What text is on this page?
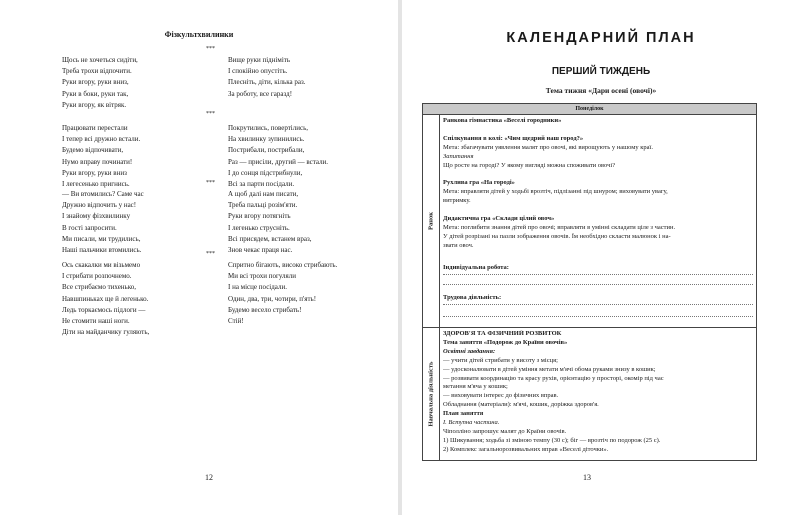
Фізкультхвилинки
***
Щось не хочеться сидіти,
Треба трохи відпочити.
Руки вгору, руки вниз,
Руки в боки, руки так,
Руки вгору, як вітряк.
Вище руки підніміть
І спокійно опустіть.
Плесніть, діти, кілька раз.
За роботу, все гаразд!
***
Працювати перестали
І тепер всі дружно встали.
Будемо відпочивати,
Нумо вправу починати!
Руки вгору, руки вниз
І легесенько пригнись.
Покрутились, повертілись,
На хвилинку зупинились.
Пострибали, пострибали,
Раз — присіли, другий — встали.
І до сонця підстрибнули,
Всі за парти посідали.
***
— Ви втомились? Саме час
Дружно відпочить у нас!
І знайому фізхвилинку
В гості запросити.
Ми писали, ми трудились,
Наші пальчики втомились.
А щоб далі нам писати,
Треба пальці розім'яти.
Руки вгору потягніть
І легенько струсніть.
Всі присядем, встанем враз,
Знов чекає праця нас.
***
Ось скакалки ми візьмемо
І стрибати розпочнемо.
Все стрибаємо тихенько,
Навшпиньках ще й легенько.
Ледь торкаємось підлоги —
Не стомити наші ноги.
Діти на майданчику гуляють,
Спритно бігають, високо стрибають.
Ми всі трохи погуляли
І на місце посідали.
Один, два, три, чотири, п'ять!
Будемо весело стрибать!
Стій!
12
КАЛЕНДАРНИЙ ПЛАН
ПЕРШИЙ ТИЖДЕНЬ
Тема тижня «Дари осені (овочі)»
Понеділок
Ранок
Ранкова гімнастика «Веселі городники»

Спілкування в колі: «Чим щедрий наш город?»
Мета: збагачувати уявлення малят про овочі, які вирощують у нашому краї.
Запитання
Що росте на городі? У якому вигляді можна споживати овочі?

Рухлива гра «На городі»
Мета: вправляти дітей у ходьбі врозтіч, підлізанні під шнуром; виховувати увагу,
витримку.

Дидактична гра «Склади цілий овоч»
Мета: поглибити знання дітей про овочі; вправляти в умінні складати ціле з частин.
У дітей розрізані на пазли зображення овочів. Їм необхідно скласти малюнок і на-
звати овоч.
Індивідуальна робота:
Трудова діяльність:
Навчальна діяльність
ЗДОРОВ'Я ТА ФІЗИЧНИЙ РОЗВИТОК
Тема заняття «Подорож до Країни овочів»
Освітні завдання:
— учити дітей стрибати у висоту з місця;
— удосконалювати в дітей уміння метати м'ячі обома руками знизу в кошик;
— розвивати координацію та красу рухів, орієнтацію у просторі, окомір під час
метання м'яча у кошик;
— виховувати інтерес до фізичних вправ.
Обладнання (матеріали): м'ячі, кошик, доріжка здоров'я.
План заняття
I. Вступна частина.
Чіполліно запрошує малят до Країни овочів.
1) Шикування; ходьба зі зміною темпу (30 с); біг — врозтіч по подорож (25 с).
2) Комплекс загальнорозвивальних вправ «Веселі діточки».
13
